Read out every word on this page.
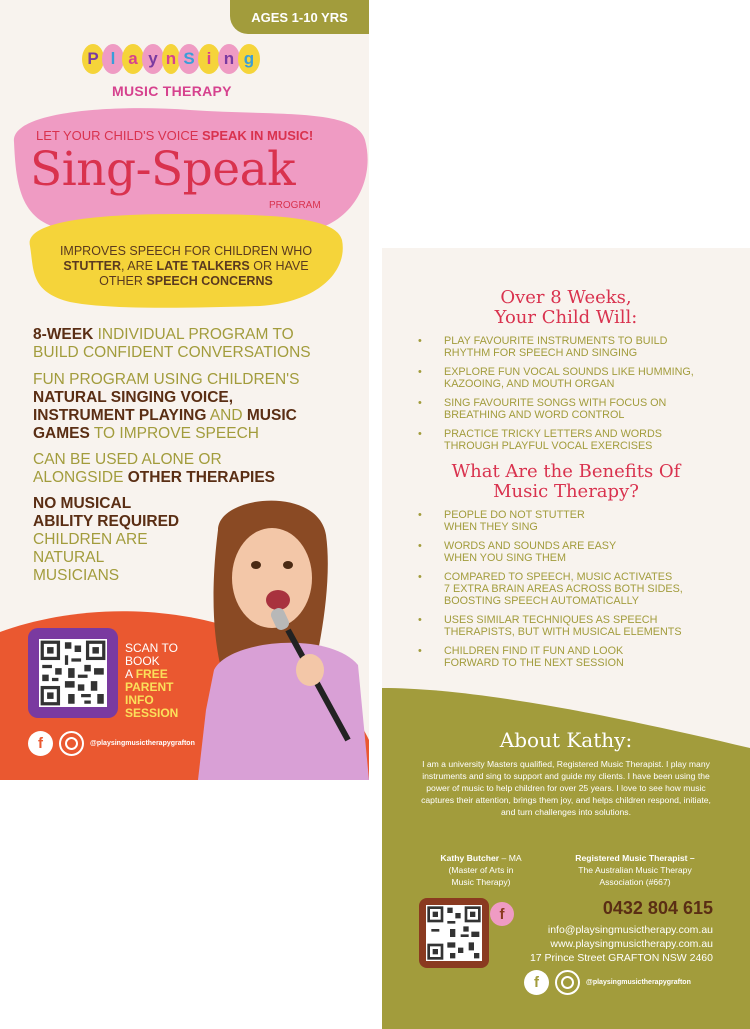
AGES 1-10 YRS
P l a y n S i n g
MUSIC THERAPY
LET YOUR CHILD'S VOICE SPEAK IN MUSIC!
Sing-Speak
PROGRAM
IMPROVES SPEECH FOR CHILDREN WHO
STUTTER, ARE LATE TALKERS OR HAVE
OTHER SPEECH CONCERNS
8-WEEK INDIVIDUAL PROGRAM TO BUILD CONFIDENT CONVERSATIONS
FUN PROGRAM USING CHILDREN'S
NATURAL SINGING VOICE,
INSTRUMENT PLAYING AND MUSIC
GAMES TO IMPROVE SPEECH
CAN BE USED ALONE OR
ALONGSIDE OTHER THERAPIES
NO MUSICAL
ABILITY REQUIRED
CHILDREN ARE
NATURAL
MUSICIANS
SCAN TO
BOOK
A FREE
PARENT
INFO
SESSION
f	@playsingmusictherapygrafton
Over 8 Weeks,
Your Child Will:
• PLAY FAVOURITE INSTRUMENTS TO BUILD
RHYTHM FOR SPEECH AND SINGING
• EXPLORE FUN VOCAL SOUNDS LIKE HUMMING,
KAZOOING, AND MOUTH ORGAN
• SING FAVOURITE SONGS WITH FOCUS ON
BREATHING AND WORD CONTROL
• PRACTICE TRICKY LETTERS AND WORDS
THROUGH PLAYFUL VOCAL EXERCISES
What Are the Benefits Of
Music Therapy?
• PEOPLE DO NOT STUTTER
WHEN THEY SING
• WORDS AND SOUNDS ARE EASY
WHEN YOU SING THEM
• COMPARED TO SPEECH, MUSIC ACTIVATES
7 EXTRA BRAIN AREAS ACROSS BOTH SIDES,
BOOSTING SPEECH AUTOMATICALLY
• USES SIMILAR TECHNIQUES AS SPEECH
THERAPISTS, BUT WITH MUSICAL ELEMENTS
• CHILDREN FIND IT FUN AND LOOK
FORWARD TO THE NEXT SESSION
About Kathy:
I am a university Masters qualified, Registered Music Therapist. I play many instruments and sing to support and guide my clients. I have been using the power of music to help children for over 25 years. I love to see how music captures their attention, brings them joy, and helps children respond, initiate, and turn challenges into solutions.
Kathy Butcher – MA
(Master of Arts in
Music Therapy)
Registered Music Therapist –
The Australian Music Therapy
Association (#667)
f	0432 804 615
info@playsingmusictherapy.com.au
www.playsingmusictherapy.com.au
17 Prince Street GRAFTON NSW 2460
f	@playsingmusictherapygrafton
